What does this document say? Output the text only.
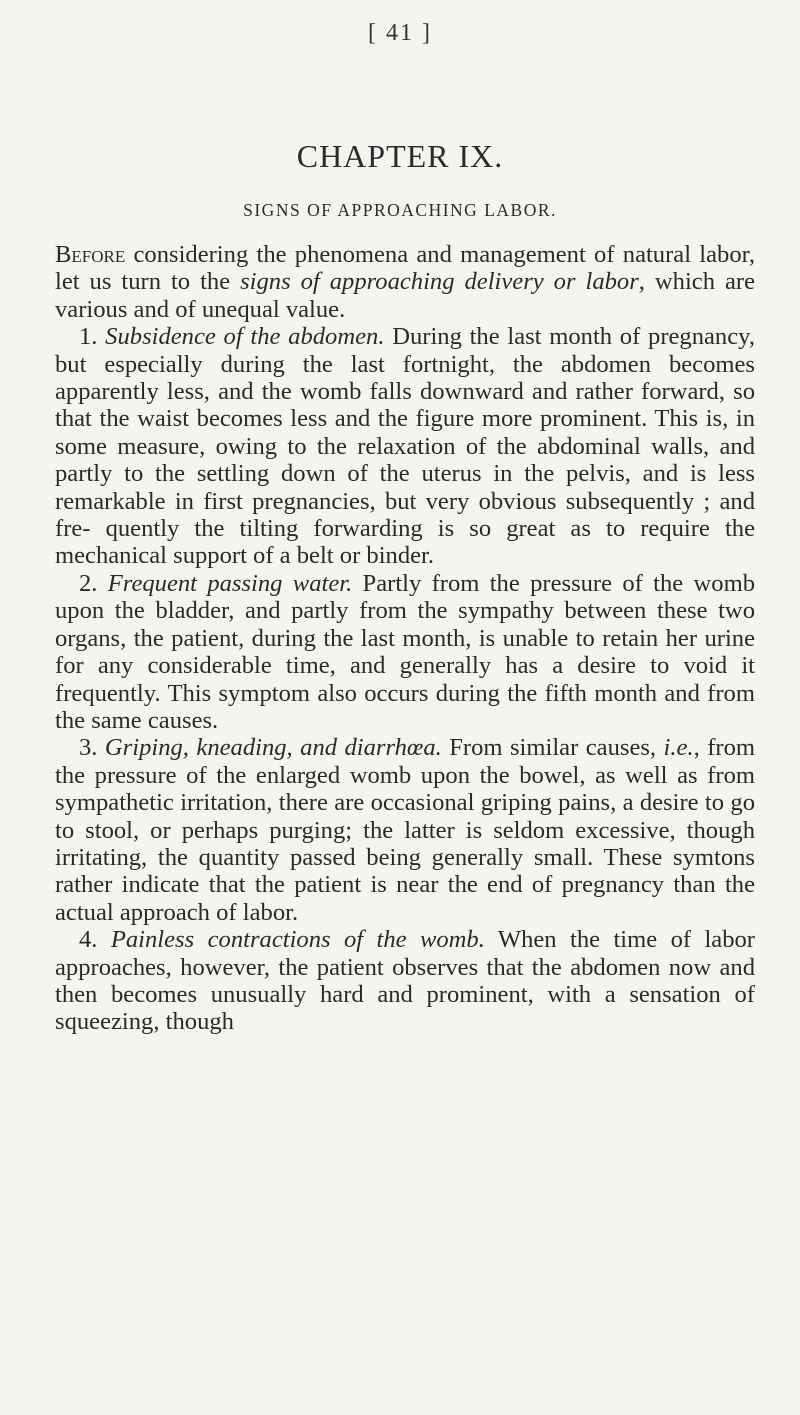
[ 41 ]
CHAPTER IX.
SIGNS OF APPROACHING LABOR.

Before considering the phenomena and management of natural labor, let us turn to the signs of approaching delivery or labor, which are various and of unequal value.

1. Subsidence of the abdomen. During the last month of pregnancy, but especially during the last fortnight, the abdomen becomes apparently less, and the womb falls downward and rather forward, so that the waist becomes less and the figure more prominent. This is, in some measure, owing to the relaxation of the abdominal walls, and partly to the settling down of the uterus in the pelvis, and is less remarkable in first pregnancies, but very obvious subsequently ; and fre- quently the tilting forwarding is so great as to require the mechanical support of a belt or binder.

2. Frequent passing water. Partly from the pressure of the womb upon the bladder, and partly from the sympathy between these two organs, the patient, during the last month, is unable to retain her urine for any considerable time, and generally has a desire to void it frequently. This symptom also occurs during the fifth month and from the same causes.

3. Griping, kneading, and diarrhœa. From similar causes, i.e., from the pressure of the enlarged womb upon the bowel, as well as from sympathetic irritation, there are occasional griping pains, a desire to go to stool, or perhaps purging; the latter is seldom excessive, though irritating, the quantity passed being generally small. These symtons rather indicate that the patient is near the end of pregnancy than the actual approach of labor.

4. Painless contractions of the womb. When the time of labor approaches, however, the patient observes that the abdomen now and then becomes unusually hard and prominent, with a sensation of squeezing, though
